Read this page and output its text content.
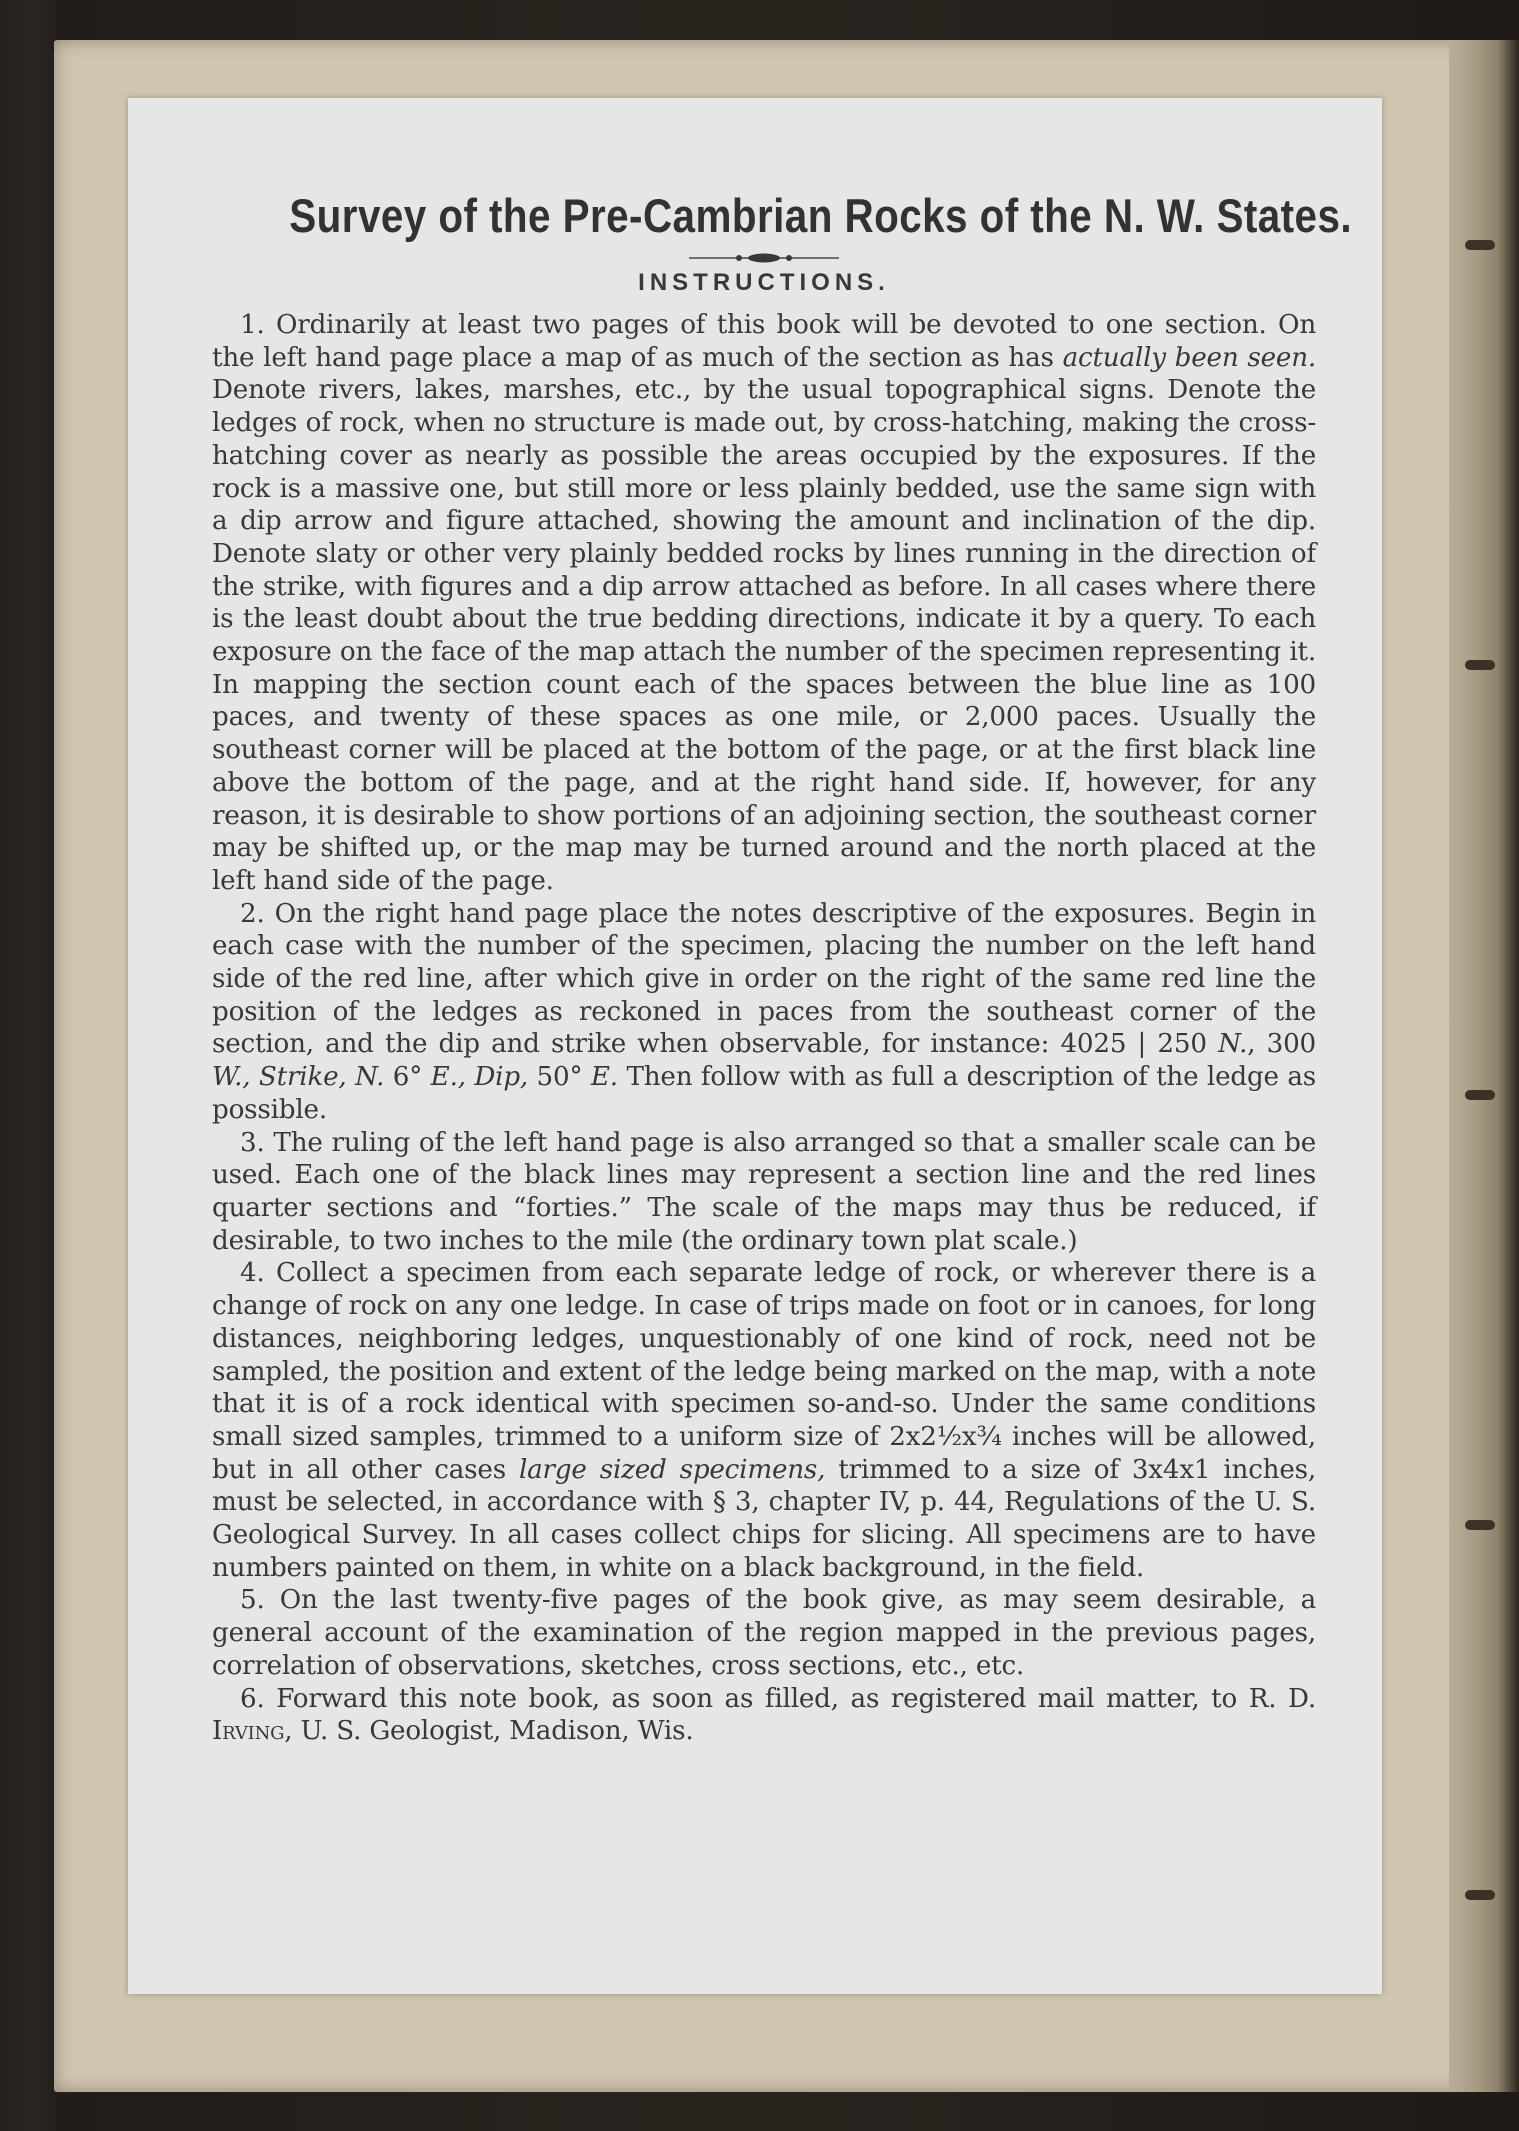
Survey of the Pre-Cambrian Rocks of the N. W. States.
INSTRUCTIONS.

1. Ordinarily at least two pages of this book will be devoted to one section. On the left hand page place a map of as much of the section as has actually been seen. Denote rivers, lakes, marshes, etc., by the usual topographical signs. Denote the ledges of rock, when no structure is made out, by cross-hatching, making the cross-hatching cover as nearly as possible the areas occupied by the exposures. If the rock is a massive one, but still more or less plainly bedded, use the same sign with a dip arrow and figure attached, showing the amount and inclination of the dip. Denote slaty or other very plainly bedded rocks by lines running in the direction of the strike, with figures and a dip arrow attached as before. In all cases where there is the least doubt about the true bedding directions, indicate it by a query. To each exposure on the face of the map attach the number of the specimen representing it. In mapping the section count each of the spaces between the blue line as 100 paces, and twenty of these spaces as one mile, or 2,000 paces. Usually the southeast corner will be placed at the bottom of the page, or at the first black line above the bottom of the page, and at the right hand side. If, however, for any reason, it is desirable to show portions of an adjoining section, the southeast corner may be shifted up, or the map may be turned around and the north placed at the left hand side of the page.

2. On the right hand page place the notes descriptive of the exposures. Begin in each case with the number of the specimen, placing the number on the left hand side of the red line, after which give in order on the right of the same red line the position of the ledges as reckoned in paces from the southeast corner of the section, and the dip and strike when observable, for instance: 4025 | 250 N., 300 W., Strike, N. 6° E., Dip, 50° E. Then follow with as full a description of the ledge as possible.

3. The ruling of the left hand page is also arranged so that a smaller scale can be used. Each one of the black lines may represent a section line and the red lines quarter sections and “forties.” The scale of the maps may thus be reduced, if desirable, to two inches to the mile (the ordinary town plat scale.)

4. Collect a specimen from each separate ledge of rock, or wherever there is a change of rock on any one ledge. In case of trips made on foot or in canoes, for long distances, neighboring ledges, unquestionably of one kind of rock, need not be sampled, the position and extent of the ledge being marked on the map, with a note that it is of a rock identical with specimen so-and-so. Under the same conditions small sized samples, trimmed to a uniform size of 2x2½x¾ inches will be allowed, but in all other cases large sized specimens, trimmed to a size of 3x4x1 inches, must be selected, in accordance with § 3, chapter IV, p. 44, Regulations of the U. S. Geological Survey. In all cases collect chips for slicing. All specimens are to have numbers painted on them, in white on a black background, in the field.

5. On the last twenty-five pages of the book give, as may seem desirable, a general account of the examination of the region mapped in the previous pages, correlation of observations, sketches, cross sections, etc., etc.

6. Forward this note book, as soon as filled, as registered mail matter, to R. D. Irving, U. S. Geologist, Madison, Wis.
